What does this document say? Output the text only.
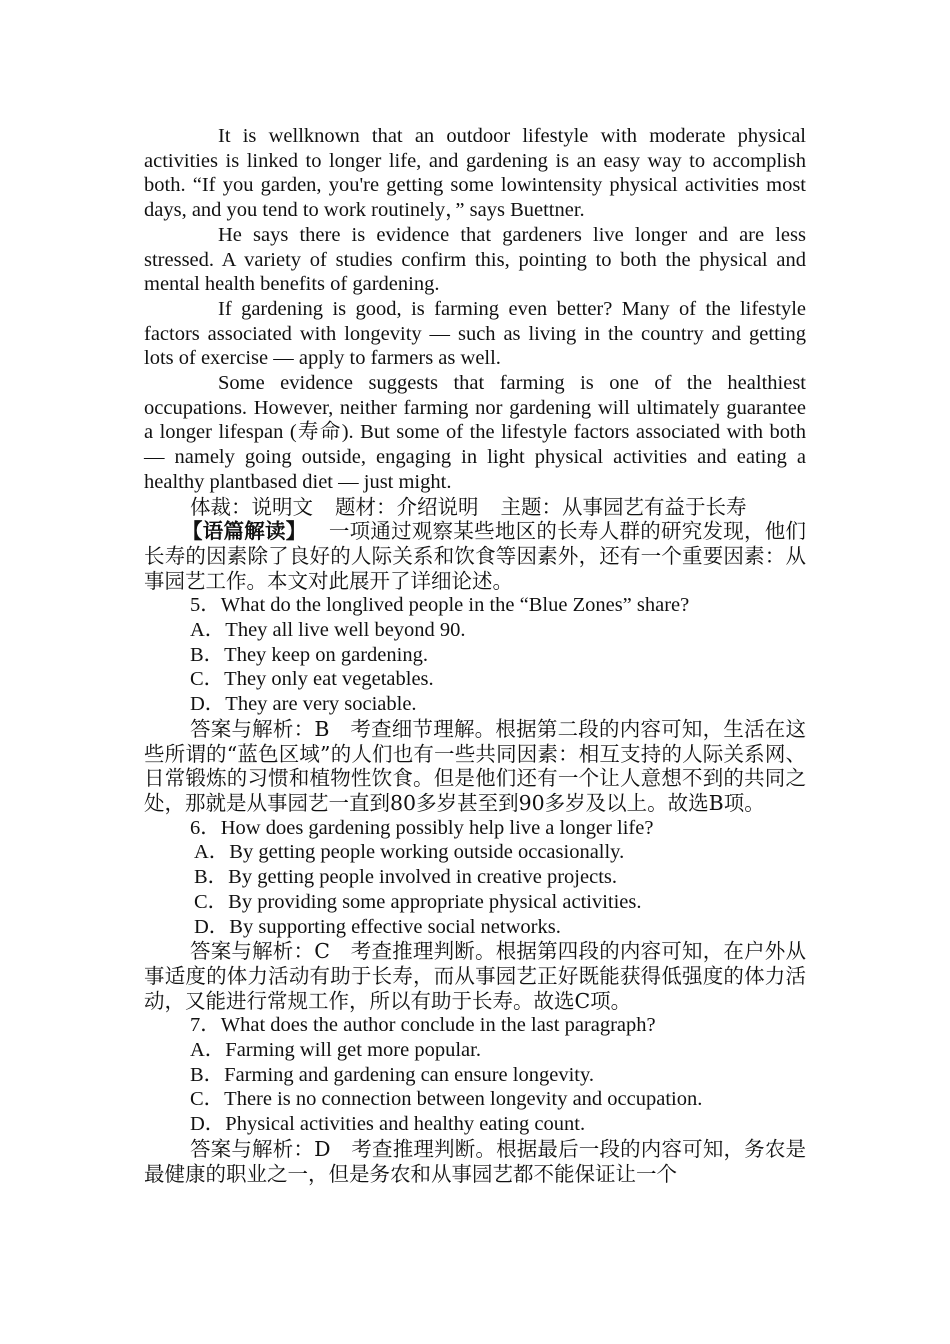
It is wellknown that an outdoor lifestyle with moderate physical activities is linked to longer life, and gardening is an easy way to accomplish both. “If you garden, you're getting some lowintensity physical activities most days, and you tend to work routinely，” says Buettner.

He says there is evidence that gardeners live longer and are less stressed. A variety of studies confirm this, pointing to both the physical and mental health benefits of gardening.

If gardening is good, is farming even better? Many of the lifestyle factors associated with longevity — such as living in the country and getting lots of exercise — apply to farmers as well.

Some evidence suggests that farming is one of the healthiest occupations. However, neither farming nor gardening will ultimately guarantee a longer lifespan (寿命). But some of the lifestyle factors associated with both — namely going outside, engaging in light physical activities and eating a healthy plantbased diet — just might.

体裁：说明文 题材：介绍说明 主题：从事园艺有益于长寿

【语篇解读】 一项通过观察某些地区的长寿人群的研究发现，他们长寿的因素除了良好的人际关系和饮食等因素外，还有一个重要因素：从事园艺工作。本文对此展开了详细论述。

5．What do the longlived people in the “Blue Zones” share?

A．They all live well beyond 90.

B．They keep on gardening.

C．They only eat vegetables.

D．They are very sociable.

答案与解析：B　考查细节理解。根据第二段的内容可知，生活在这些所谓的“蓝色区域”的人们也有一些共同因素：相互支持的人际关系网、日常锻炼的习惯和植物性饮食。但是他们还有一个让人意想不到的共同之处，那就是从事园艺一直到80多岁甚至到90多岁及以上。故选B项。

6．How does gardening possibly help live a longer life?

A．By getting people working outside occasionally.

B．By getting people involved in creative projects.

C．By providing some appropriate physical activities.

D．By supporting effective social networks.

答案与解析：C　考查推理判断。根据第四段的内容可知，在户外从事适度的体力活动有助于长寿，而从事园艺正好既能获得低强度的体力活动，又能进行常规工作，所以有助于长寿。故选C项。

7．What does the author conclude in the last paragraph?

A．Farming will get more popular.

B．Farming and gardening can ensure longevity.

C．There is no connection between longevity and occupation.

D．Physical activities and healthy eating count.

答案与解析：D　考查推理判断。根据最后一段的内容可知，务农是最健康的职业之一，但是务农和从事园艺都不能保证让一个
